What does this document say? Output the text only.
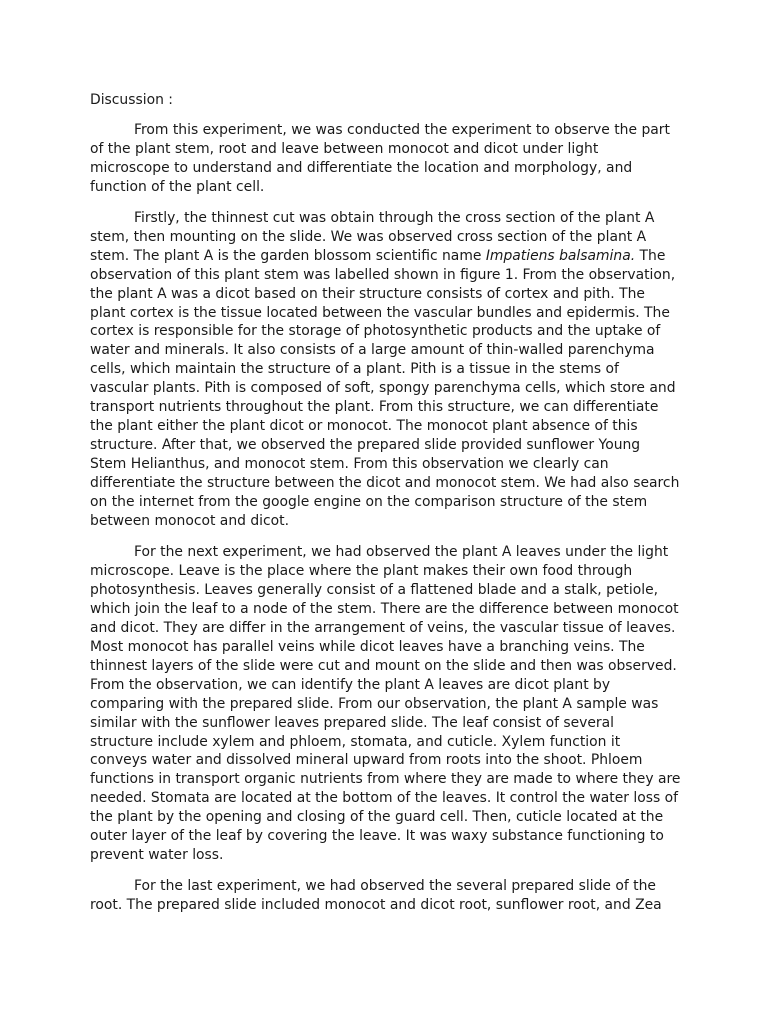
Discussion :
From this experiment, we was conducted the experiment to observe the part
of the plant stem, root and leave between monocot and dicot under light
microscope to understand and differentiate the location and morphology, and
function of the plant cell.
Firstly, the thinnest cut was obtain through the cross section of the plant A
stem, then mounting on the slide. We was observed cross section of the plant A
stem. The plant A is the garden blossom scientific name Impatiens balsamina. The
observation of this plant stem was labelled shown in figure 1. From the observation,
the plant A was a dicot based on their structure consists of cortex and pith. The
plant cortex is the tissue located between the vascular bundles and epidermis. The
cortex is responsible for the storage of photosynthetic products and the uptake of
water and minerals. It also consists of a large amount of thin-walled parenchyma
cells, which maintain the structure of a plant. Pith is a tissue in the stems of
vascular plants. Pith is composed of soft, spongy parenchyma cells, which store and
transport nutrients throughout the plant. From this structure, we can differentiate
the plant either the plant dicot or monocot. The monocot plant absence of this
structure. After that, we observed the prepared slide provided sunflower Young
Stem Helianthus, and monocot stem. From this observation we clearly can
differentiate the structure between the dicot and monocot stem. We had also search
on the internet from the google engine on the comparison structure of the stem
between monocot and dicot.
For the next experiment, we had observed the plant A leaves under the light
microscope. Leave is the place where the plant makes their own food through
photosynthesis. Leaves generally consist of a flattened blade and a stalk, petiole,
which join the leaf to a node of the stem. There are the difference between monocot
and dicot. They are differ in the arrangement of veins, the vascular tissue of leaves.
Most monocot has parallel veins while dicot leaves have a branching veins. The
thinnest layers of the slide were cut and mount on the slide and then was observed.
From the observation, we can identify the plant A leaves are dicot plant by
comparing with the prepared slide. From our observation, the plant A sample was
similar with the sunflower leaves prepared slide. The leaf consist of several
structure include xylem and phloem, stomata, and cuticle. Xylem function it
conveys water and dissolved mineral upward from roots into the shoot. Phloem
functions in transport organic nutrients from where they are made to where they are
needed. Stomata are located at the bottom of the leaves. It control the water loss of
the plant by the opening and closing of the guard cell. Then, cuticle located at the
outer layer of the leaf by covering the leave. It was waxy substance functioning to
prevent water loss.
For the last experiment, we had observed the several prepared slide of the
root. The prepared slide included monocot and dicot root, sunflower root, and Zea
